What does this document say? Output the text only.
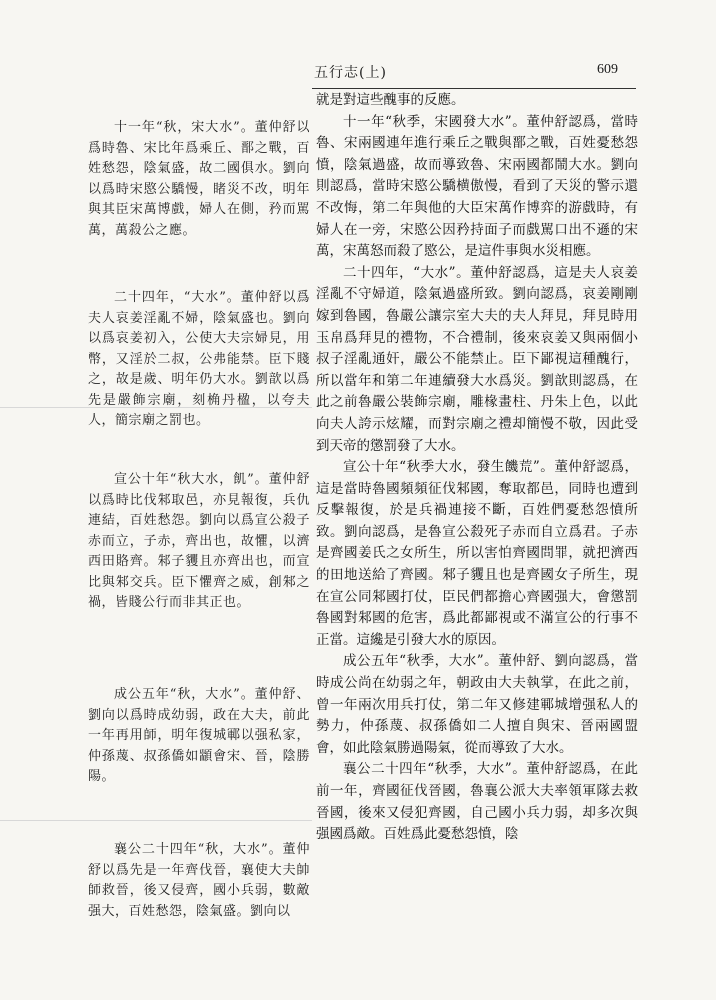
五行志(上)	609
十一年“秋，宋大水”。董仲舒以爲時魯、宋比年爲乘丘、鄑之戰，百姓愁怨，陰氣盛，故二國俱水。劉向以爲時宋愍公驕慢，睹災不改，明年與其臣宋萬博戲，婦人在側，矜而駡萬，萬殺公之應。
二十四年，“大水”。董仲舒以爲夫人哀姜淫亂不婦，陰氣盛也。劉向以爲哀姜初入，公使大夫宗婦見，用幣，又淫於二叔，公弗能禁。臣下賤之，故是歲、明年仍大水。劉歆以爲先是嚴飾宗廟，刻桷丹楹，以夸夫人，簡宗廟之罰也。
宣公十年“秋大水，飢”。董仲舒以爲時比伐邾取邑，亦見報復，兵仇連結，百姓愁怨。劉向以爲宣公殺子赤而立，子赤，齊出也，故懼，以濟西田賂齊。邾子貜且亦齊出也，而宣比與邾交兵。臣下懼齊之威，創邾之禍，皆賤公行而非其正也。
成公五年“秋，大水”。董仲舒、劉向以爲時成幼弱，政在大夫，前此一年再用師，明年復城鄆以强私家，仲孫蔑、叔孫僑如顓會宋、晉，陰勝陽。
襄公二十四年“秋，大水”。董仲舒以爲先是一年齊伐晉，襄使大夫帥師救晉，後又侵齊，國小兵弱，數敵强大，百姓愁怨，陰氣盛。劉向以

就是對這些醜事的反應。

十一年“秋季，宋國發大水”。董仲舒認爲，當時魯、宋兩國連年進行乘丘之戰與鄑之戰，百姓憂愁怨憤，陰氣過盛，故而導致魯、宋兩國都鬧大水。劉向則認爲，當時宋愍公驕横傲慢，看到了天災的警示還不改悔，第二年與他的大臣宋萬作博弈的游戲時，有婦人在一旁，宋愍公因矜持面子而戲駡口出不遜的宋萬，宋萬怒而殺了愍公，是這件事與水災相應。

二十四年，“大水”。董仲舒認爲，這是夫人哀姜淫亂不守婦道，陰氣過盛所致。劉向認爲，哀姜剛剛嫁到魯國，魯嚴公讓宗室大夫的夫人拜見，拜見時用玉帛爲拜見的禮物，不合禮制，後來哀姜又與兩個小叔子淫亂通奸，嚴公不能禁止。臣下鄙視這種醜行，所以當年和第二年連續發大水爲災。劉歆則認爲，在此之前魯嚴公裝飾宗廟，雕椽畫柱、丹朱上色，以此向夫人誇示炫耀，而對宗廟之禮却簡慢不敬，因此受到天帝的懲罰發了大水。

宣公十年“秋季大水，發生饑荒”。董仲舒認爲，這是當時魯國頻頻征伐邾國，奪取都邑，同時也遭到反擊報復，於是兵禍連接不斷，百姓們憂愁怨憤所致。劉向認爲，是魯宣公殺死子赤而自立爲君。子赤是齊國姜氏之女所生，所以害怕齊國問罪，就把濟西的田地送給了齊國。邾子貜且也是齊國女子所生，現在宣公同邾國打仗，臣民們都擔心齊國强大，會懲罰魯國對邾國的危害，爲此都鄙視或不滿宣公的行事不正當。這纔是引發大水的原因。

成公五年“秋季，大水”。董仲舒、劉向認爲，當時成公尚在幼弱之年，朝政由大夫執掌，在此之前，曾一年兩次用兵打仗，第二年又修建鄆城增强私人的勢力，仲孫蔑、叔孫僑如二人擅自與宋、晉兩國盟會，如此陰氣勝過陽氣，從而導致了大水。

襄公二十四年“秋季，大水”。董仲舒認爲，在此前一年，齊國征伐晉國，魯襄公派大夫率領軍隊去救晉國，後來又侵犯齊國，自己國小兵力弱，却多次與强國爲敵。百姓爲此憂愁怨憤，陰
